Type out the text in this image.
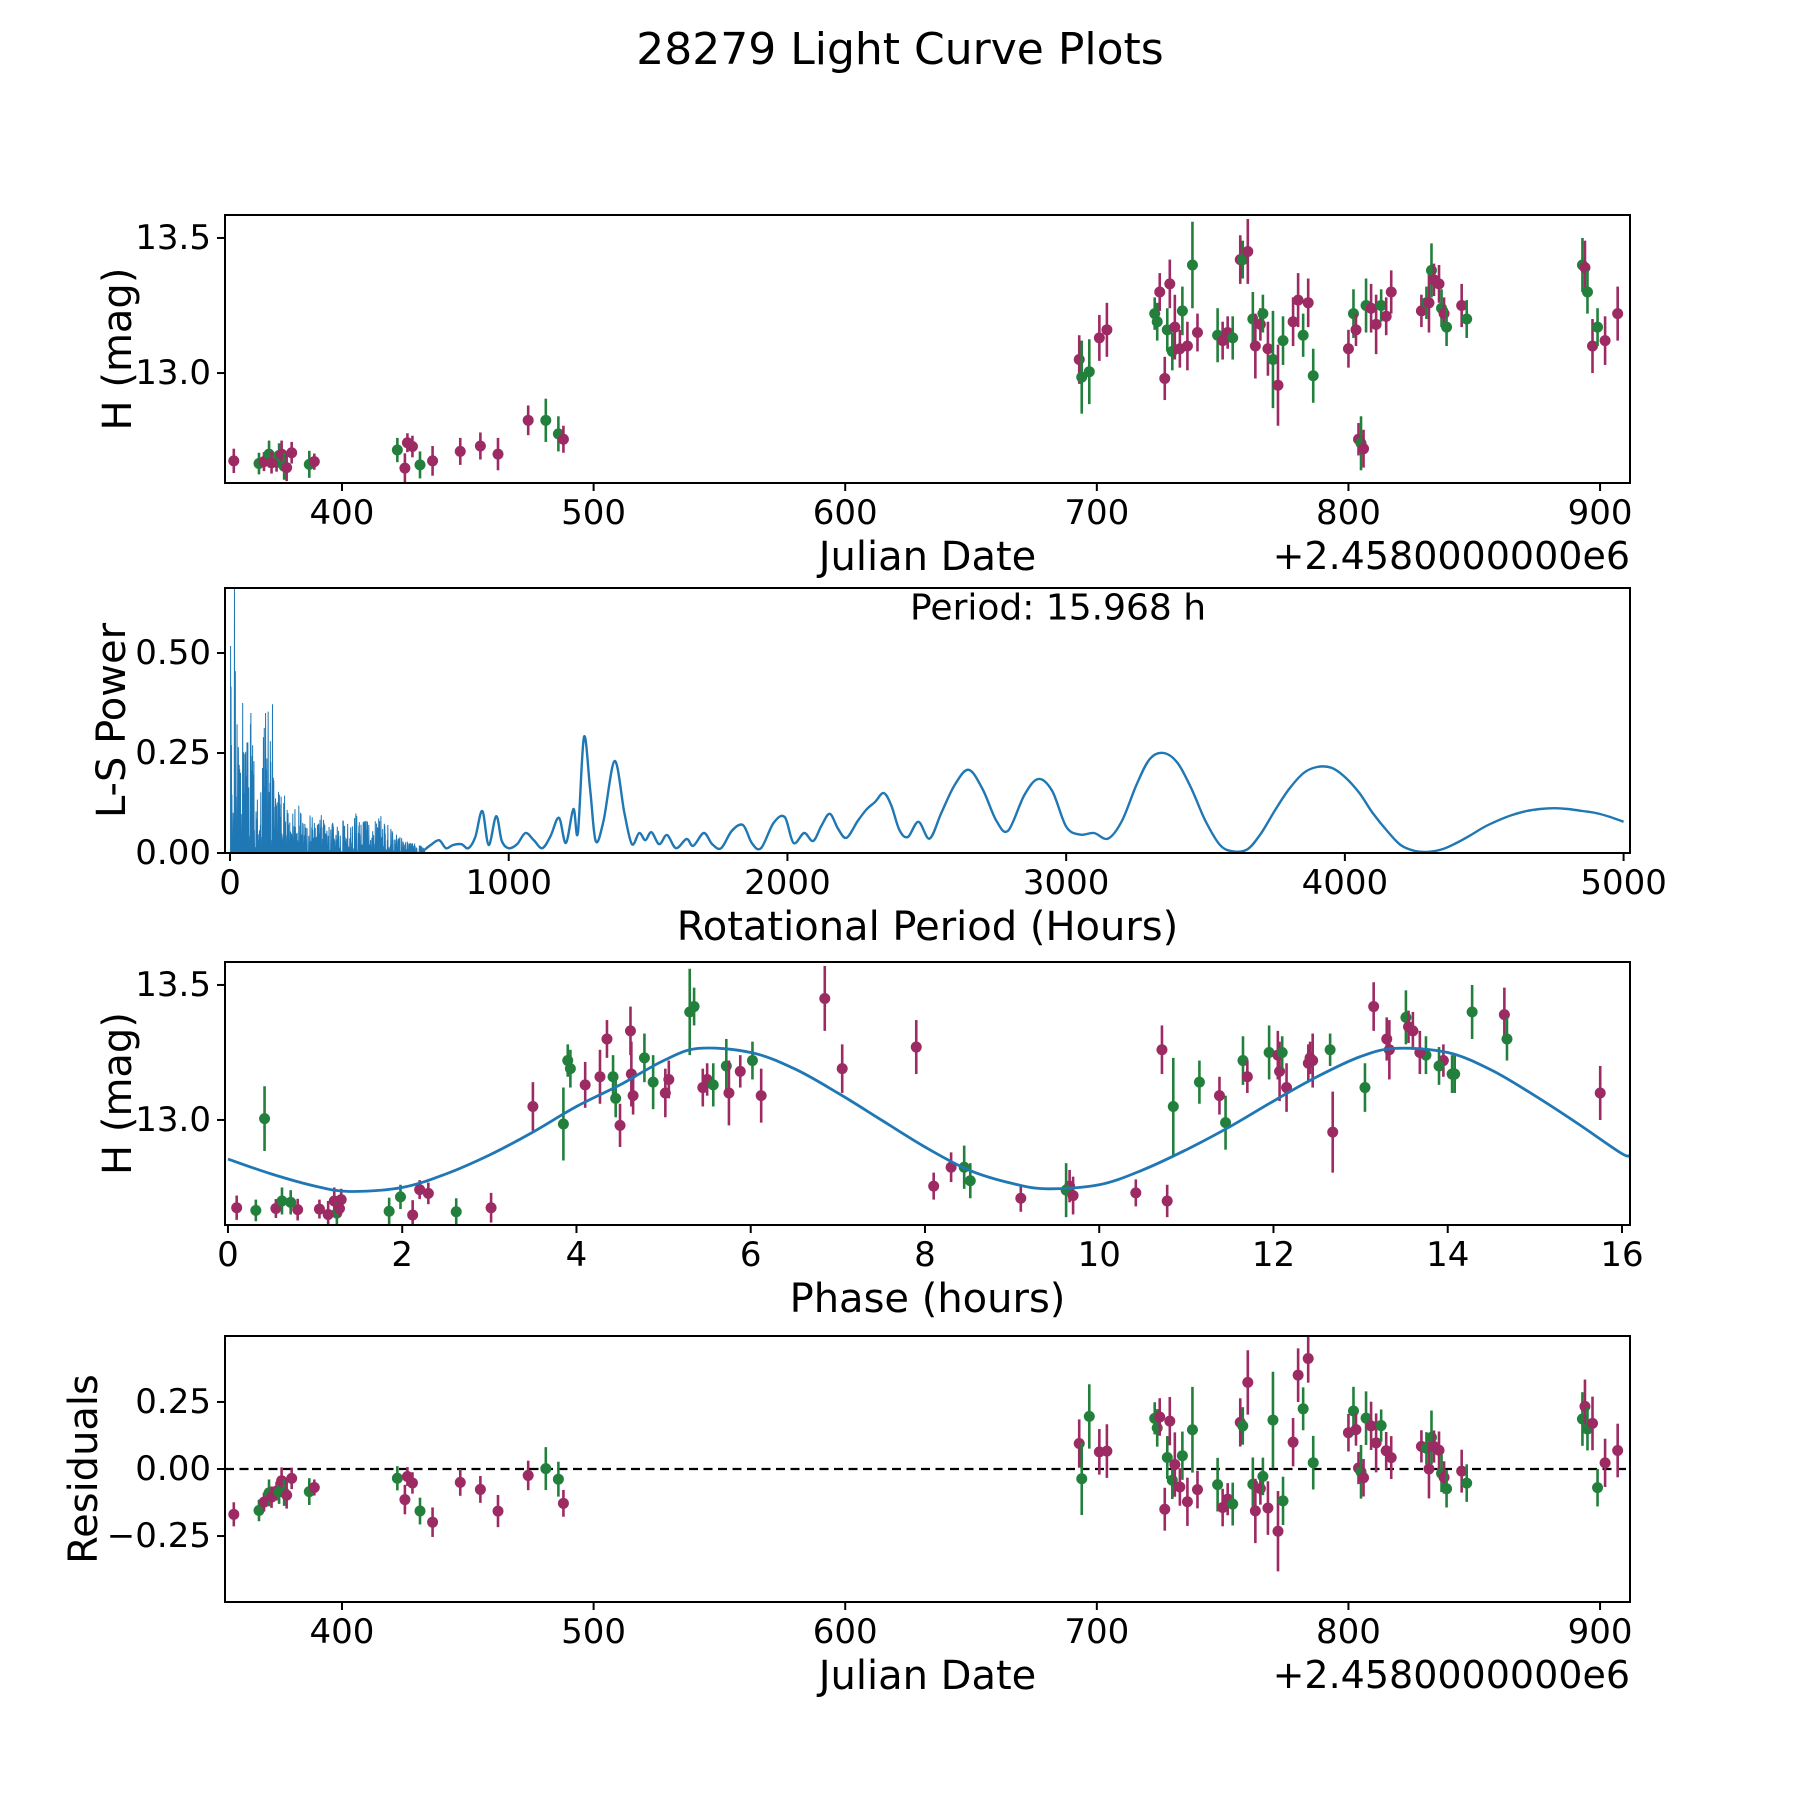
28279 Light Curve Plots
400	500	600	700	800	900
13.0
13.5
Julian Date	+2.4580000000e6
H (mag)
0	1000	2000	3000	4000	5000
0.00
0.25
0.50
Rotational Period (Hours)
L-S Power
Period: 15.968 h
0	2	4	6	8	10	12	14	16
13.0
13.5
Phase (hours)
H (mag)
400	500	600	700	800	900
−0.25
0.00
0.25
Julian Date	+2.4580000000e6
Residuals
